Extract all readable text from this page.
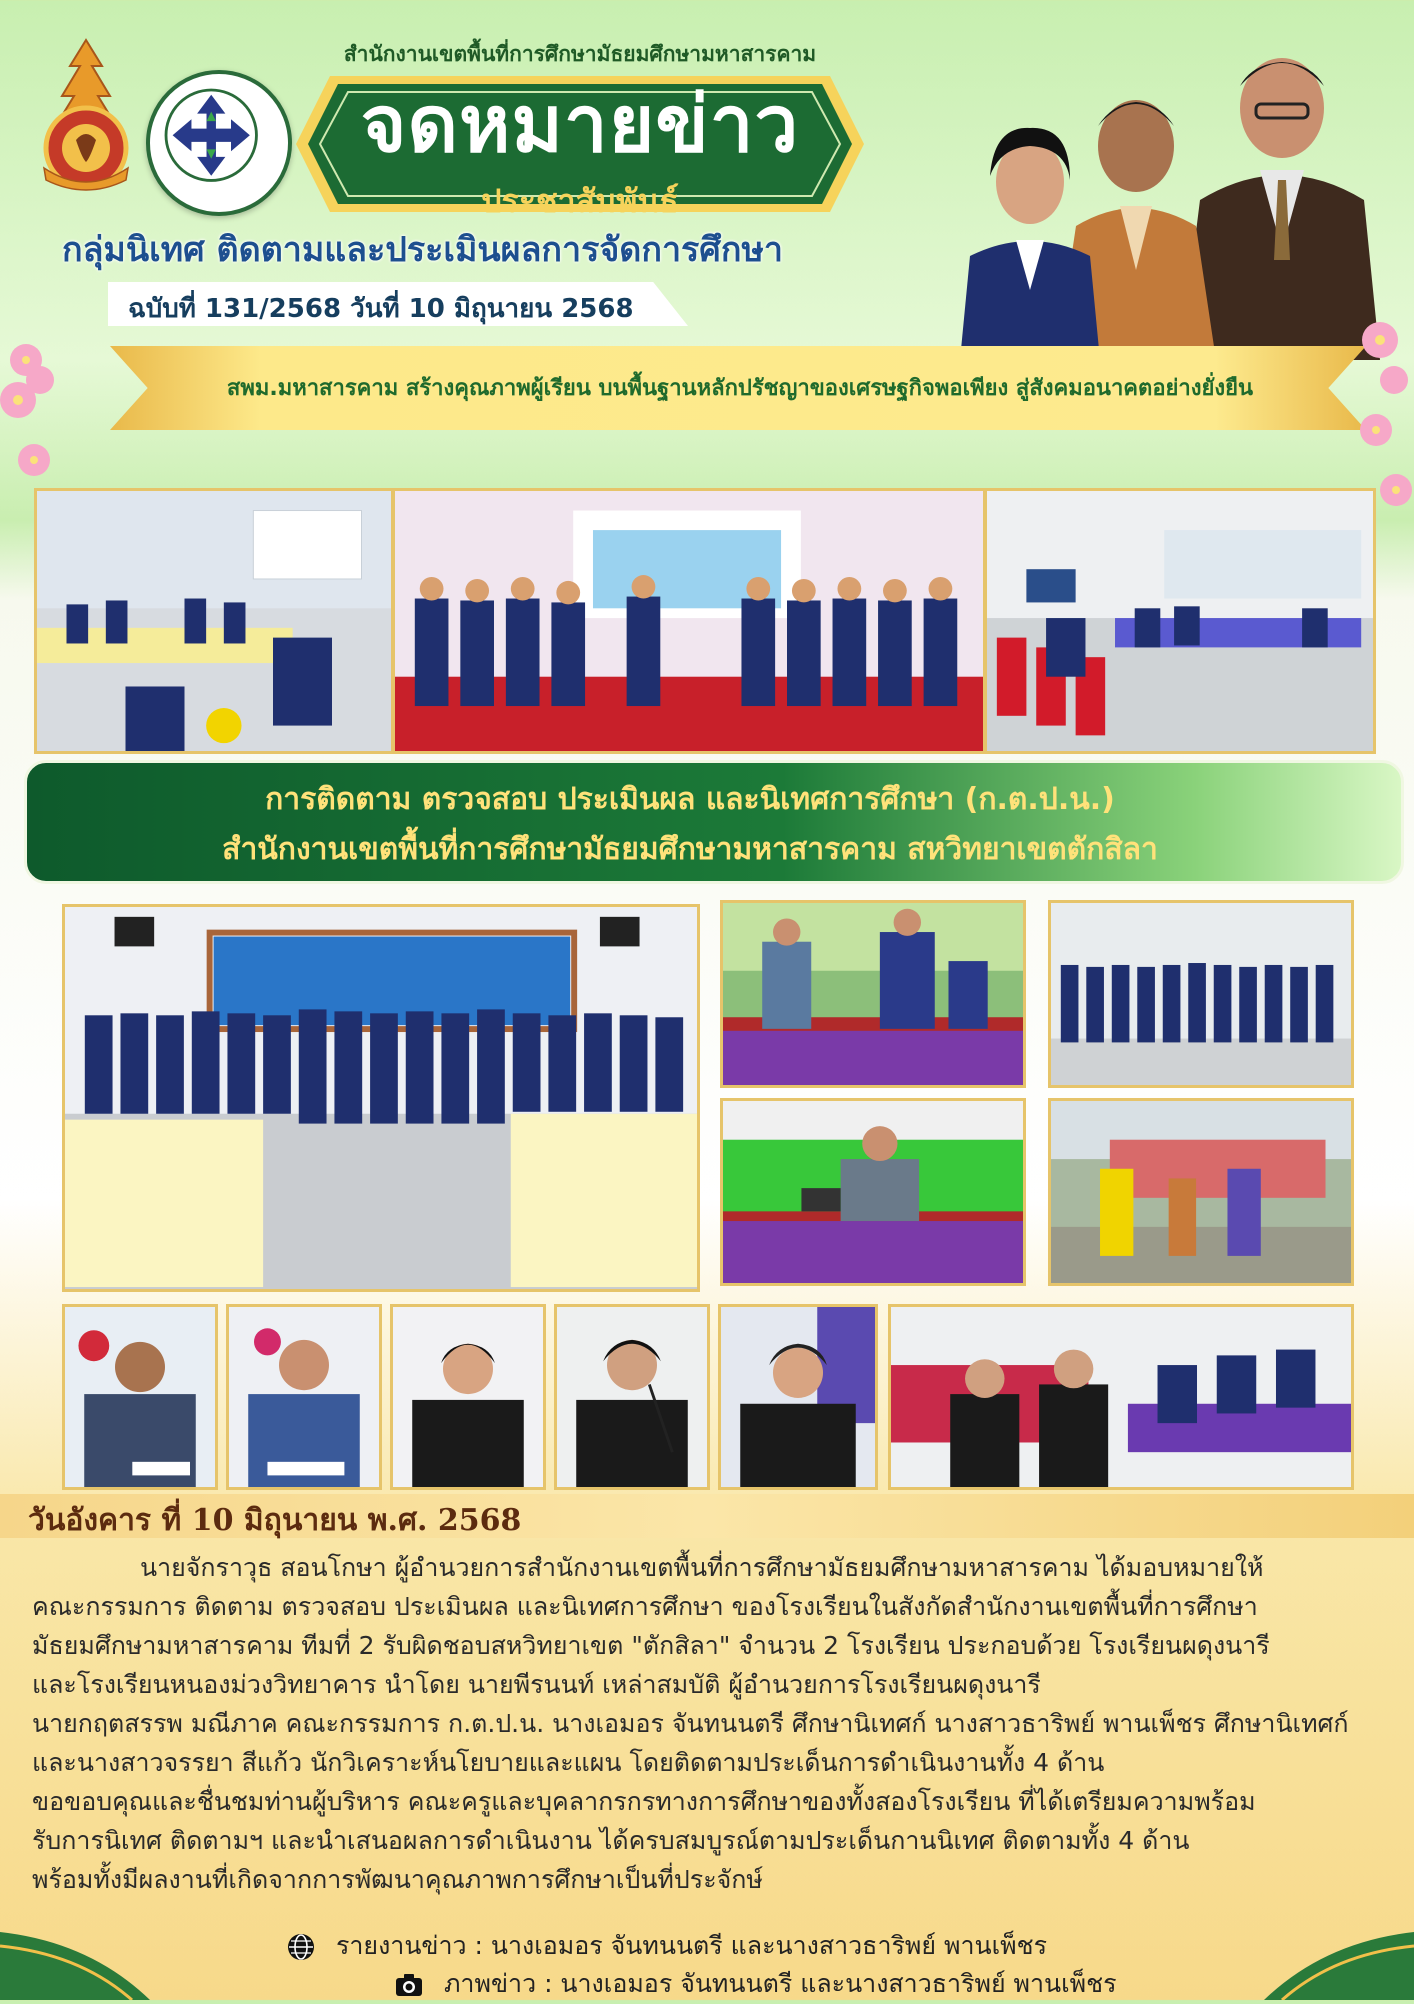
สำนักงานเขตพื้นที่การศึกษามัธยมศึกษามหาสารคาม
จดหมายข่าว
ประชาสัมพันธ์
กลุ่มนิเทศ ติดตามและประเมินผลการจัดการศึกษา
ฉบับที่ 131/2568 วันที่ 10 มิถุนายน 2568
สพม.มหาสารคาม สร้างคุณภาพผู้เรียน บนพื้นฐานหลักปรัชญาของเศรษฐกิจพอเพียง สู่สังคมอนาคตอย่างยั่งยืน
การติดตาม ตรวจสอบ ประเมินผล และนิเทศการศึกษา (ก.ต.ป.น.)
สำนักงานเขตพื้นที่การศึกษามัธยมศึกษามหาสารคาม สหวิทยาเขตตักสิลา
วันอังคาร ที่ 10 มิถุนายน พ.ศ. 2568

นายจักราวุธ สอนโกษา ผู้อำนวยการสำนักงานเขตพื้นที่การศึกษามัธยมศึกษามหาสารคาม ได้มอบหมายให้

คณะกรรมการ ติดตาม ตรวจสอบ ประเมินผล และนิเทศการศึกษา ของโรงเรียนในสังกัดสำนักงานเขตพื้นที่การศึกษา

มัธยมศึกษามหาสารคาม ทีมที่ 2 รับผิดชอบสหวิทยาเขต "ตักสิลา" จำนวน 2 โรงเรียน ประกอบด้วย โรงเรียนผดุงนารี

และโรงเรียนหนองม่วงวิทยาคาร นำโดย นายพีรนนท์ เหล่าสมบัติ ผู้อำนวยการโรงเรียนผดุงนารี

นายกฤตสรรพ มณีภาค คณะกรรมการ ก.ต.ป.น. นางเอมอร จันทนนตรี ศึกษานิเทศก์ นางสาวธาริพย์ พานเพ็ชร ศึกษานิเทศก์

และนางสาวจรรยา สีแก้ว นักวิเคราะห์นโยบายและแผน โดยติดตามประเด็นการดำเนินงานทั้ง 4 ด้าน

ขอขอบคุณและชื่นชมท่านผู้บริหาร คณะครูและบุคลากรกรทางการศึกษาของทั้งสองโรงเรียน ที่ได้เตรียมความพร้อม

รับการนิเทศ ติดตามฯ และนำเสนอผลการดำเนินงาน ได้ครบสมบูรณ์ตามประเด็นกานนิเทศ ติดตามทั้ง 4 ด้าน

พร้อมทั้งมีผลงานที่เกิดจากการพัฒนาคุณภาพการศึกษาเป็นที่ประจักษ์

รายงานข่าว : นางเอมอร จันทนนตรี และนางสาวธาริพย์ พานเพ็ชร
ภาพข่าว : นางเอมอร จันทนนตรี และนางสาวธาริพย์ พานเพ็ชร
